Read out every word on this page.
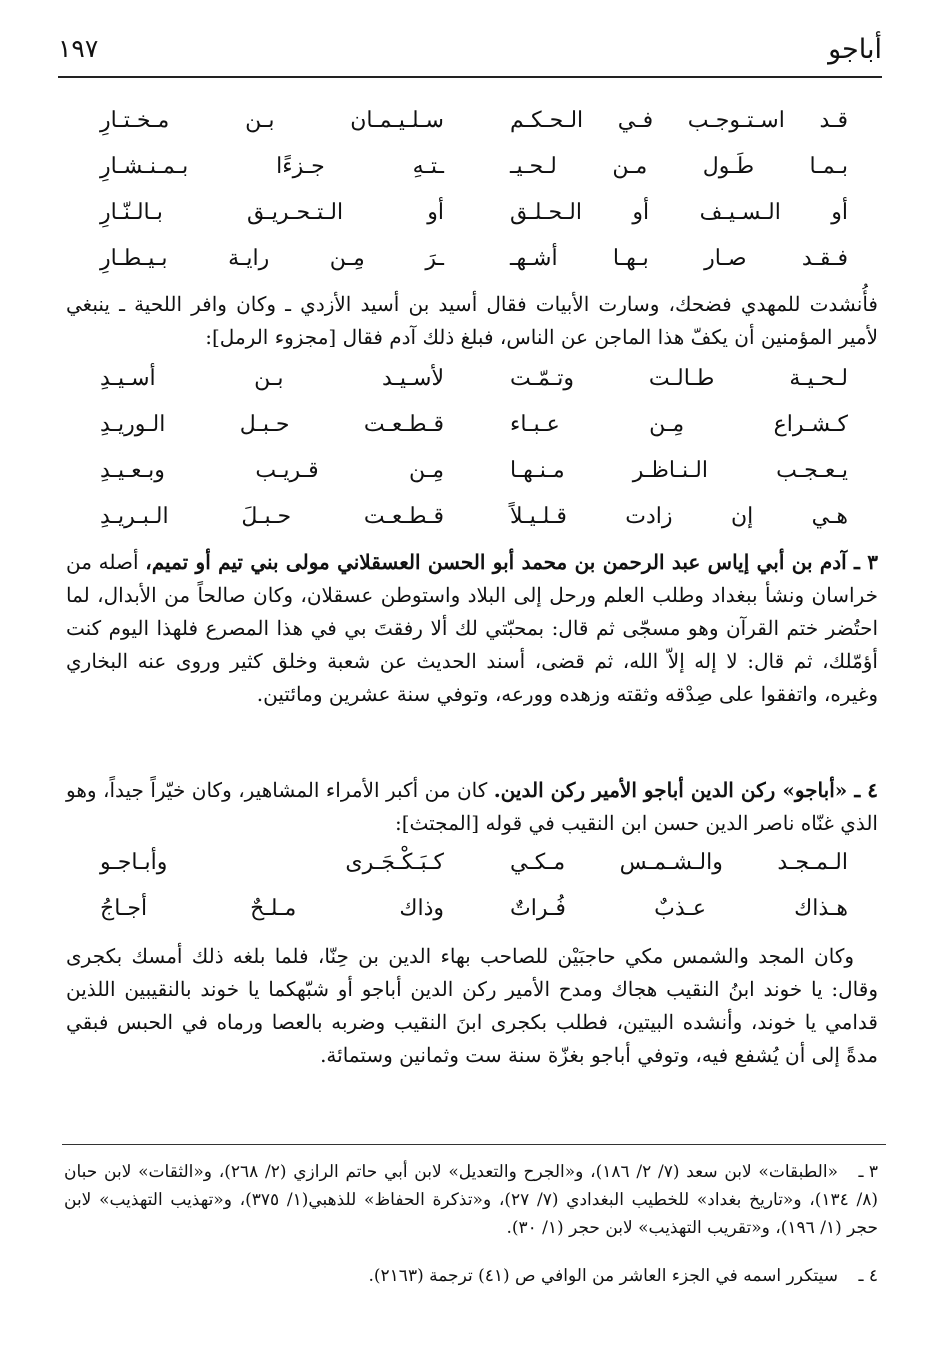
أباجو
١٩٧
قـد اسـتـوجـب فـي الـحـكـم
سـلـيـمـان بـن مـخـتـارِ
بـمـا طَـول مـن لـحـيـ
ـتـهِ جـزءًا بـمـنـشـارِ
أو الـسـيـف أو الـحـلـق
أو الـتـحـريـق بـالـنّـارِ
فـقـد صـار بـهـا أشـهـ
ـرَ مِـن رايـة بـيـطـارِ
فأُنشدت للمهدي فضحك، وسارت الأبيات فقال أسيد بن أسيد الأزدي ـ وكان وافر اللحية ـ ينبغي لأمير المؤمنين أن يكفّ هذا الماجن عن الناس، فبلغ ذلك آدم فقال [مجزوء الرمل]:
لـحـيـة طـالـت وتـمّـت
لأسـيـد بـن أسـيـدِ
كـشـراع مِـن عـبـاء
قـطـعـت حـبـل الـوريـدِ
يـعـجـب الـنـاظـر مـنـهـا
مِـن قـريـب وبـعـيـدِ
هـي إن زادت قـلـيـلاً
قـطـعـت حـبـلَ الـبـريـدِ
٣ ـ آدم بن أبي إياس عبد الرحمن بن محمد أبو الحسن العسقلاني مولى بني تيم أو تميم، أصله من خراسان ونشأ ببغداد وطلب العلم ورحل إلى البلاد واستوطن عسقلان، وكان صالحاً من الأبدال، لما احتُضر ختم القرآن وهو مسجّى ثم قال: بمحبّتي لك ألا رفقتَ بي في هذا المصرع فلهذا اليوم كنت أؤمّلك، ثم قال: لا إله إلاّ الله، ثم قضى، أسند الحديث عن شعبة وخلق كثير وروى عنه البخاري وغيره، واتفقوا على صِدْقه وثقته وزهده وورعه، وتوفي سنة عشرين ومائتين.
٤ ـ «أباجو» ركن الدين أباجو الأمير ركن الدين. كان من أكبر الأمراء المشاهير، وكان خيّراً جيداً، وهو الذي غنّاه ناصر الدين حسن ابن النقيب في قوله [المجتث]:
الـمـجـد والـشـمـس مـكـي
كـبَـكْـجَـرى وأبـاجـو
هـذاك عـذبٌ فُـراتٌ
وذاك مـلـحٌ أجـاجُ
وكان المجد والشمس مكي حاجبَيْن للصاحب بهاء الدين بن حِنّا، فلما بلغه ذلك أمسك بكجرى وقال: يا خوند ابنُ النقيب هجاك ومدح الأمير ركن الدين أباجو أو شبّهكما يا خوند بالنقيبين اللذين قدامي يا خوند، وأنشده البيتين، فطلب بكجرى ابنَ النقيب وضربه بالعصا ورماه في الحبس فبقي مدةً إلى أن يُشفع فيه، وتوفي أباجو بغزّة سنة ست وثمانين وستمائة.
٣ ـ«الطبقات» لابن سعد (٧/ ٢/ ١٨٦)، و«الجرح والتعديل» لابن أبي حاتم الرازي (٢/ ٢٦٨)، و«الثقات» لابن حبان (٨/ ١٣٤)، و«تاريخ بغداد» للخطيب البغدادي (٧/ ٢٧)، و«تذكرة الحفاظ» للذهبي(١/ ٣٧٥)، و«تهذيب التهذيب» لابن حجر (١/ ١٩٦)، و«تقريب التهذيب» لابن حجر (١/ ٣٠).
٤ ـسيتكرر اسمه في الجزء العاشر من الوافي ص (٤١) ترجمة (٢١٦٣).
